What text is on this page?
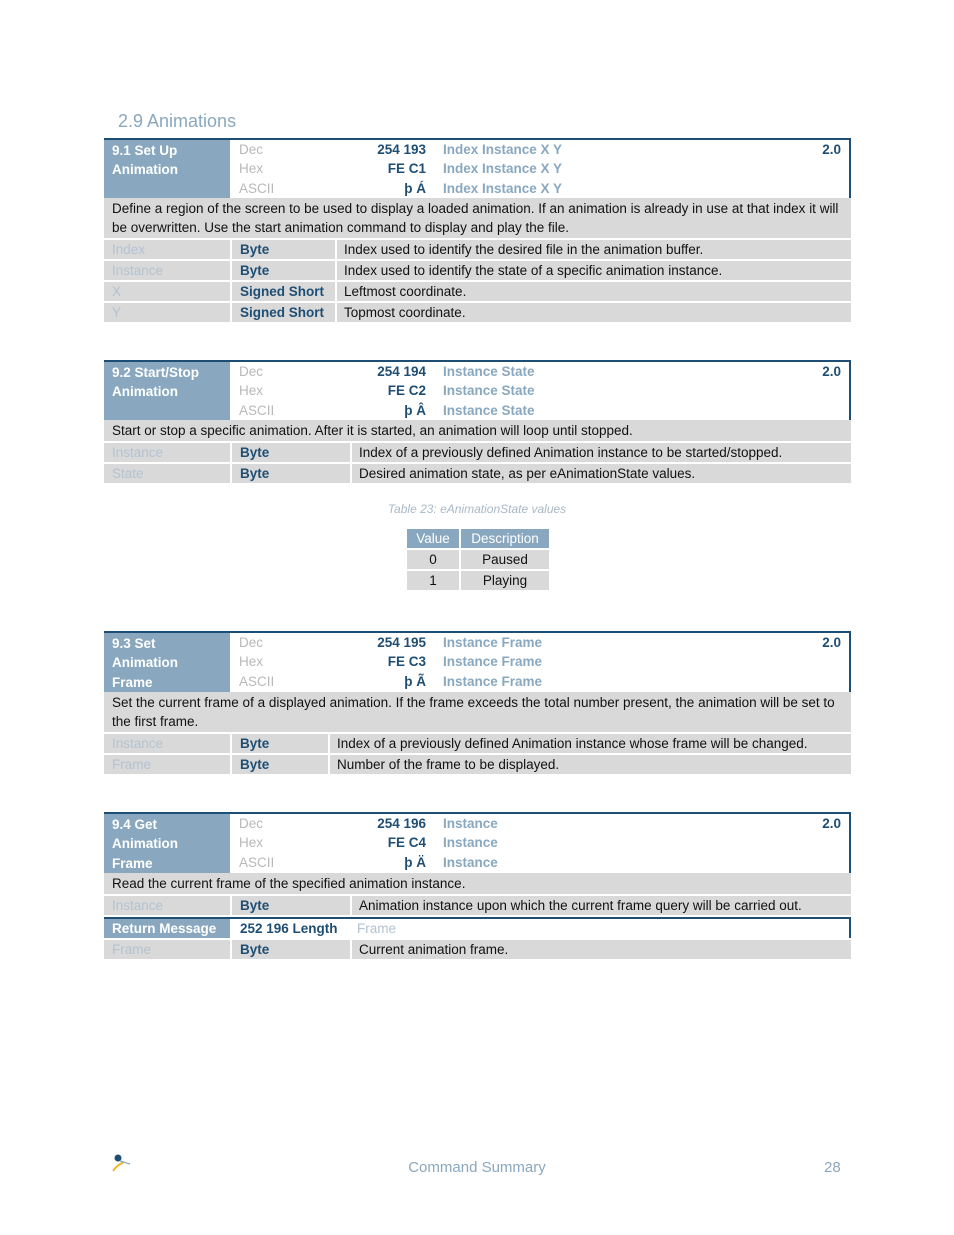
2.9 Animations
9.1 Set Up
Animation
Dec	254 193 Index Instance X Y
Hex	FE C1 Index Instance X Y
ASCII	þ Á Index Instance X Y
2.0
Define a region of the screen to be used to display a loaded animation. If an animation is already in use at that index it will be overwritten. Use the start animation command to display and play the file.
Index	Byte	Index used to identify the desired file in the animation buffer.
Instance	Byte	Index used to identify the state of a specific animation instance.
X	Signed Short	Leftmost coordinate.
Y	Signed Short	Topmost coordinate.
9.2 Start/Stop
Animation
Dec	254 194 Instance State
Hex	FE C2 Instance State
ASCII	þ Â Instance State
2.0
Start or stop a specific animation. After it is started, an animation will loop until stopped.
Instance	Byte	Index of a previously defined Animation instance to be started/stopped.
State	Byte	Desired animation state, as per eAnimationState values.
Table 23: eAnimationState values
Value	Description
0	Paused
1	Playing
9.3 Set
Animation
Frame
Dec	254 195 Instance Frame
Hex	FE C3 Instance Frame
ASCII	þ Ã Instance Frame
2.0
Set the current frame of a displayed animation. If the frame exceeds the total number present, the animation will be set to the first frame.
Instance	Byte	Index of a previously defined Animation instance whose frame will be changed.
Frame	Byte	Number of the frame to be displayed.
9.4 Get
Animation
Frame
Dec	254 196 Instance
Hex	FE C4 Instance
ASCII	þ Ä Instance
2.0
Read the current frame of the specified animation instance.
Instance	Byte	Animation instance upon which the current frame query will be carried out.
Return Message	252 196 Length	Frame
Frame	Byte	Current animation frame.
Command Summary	28
